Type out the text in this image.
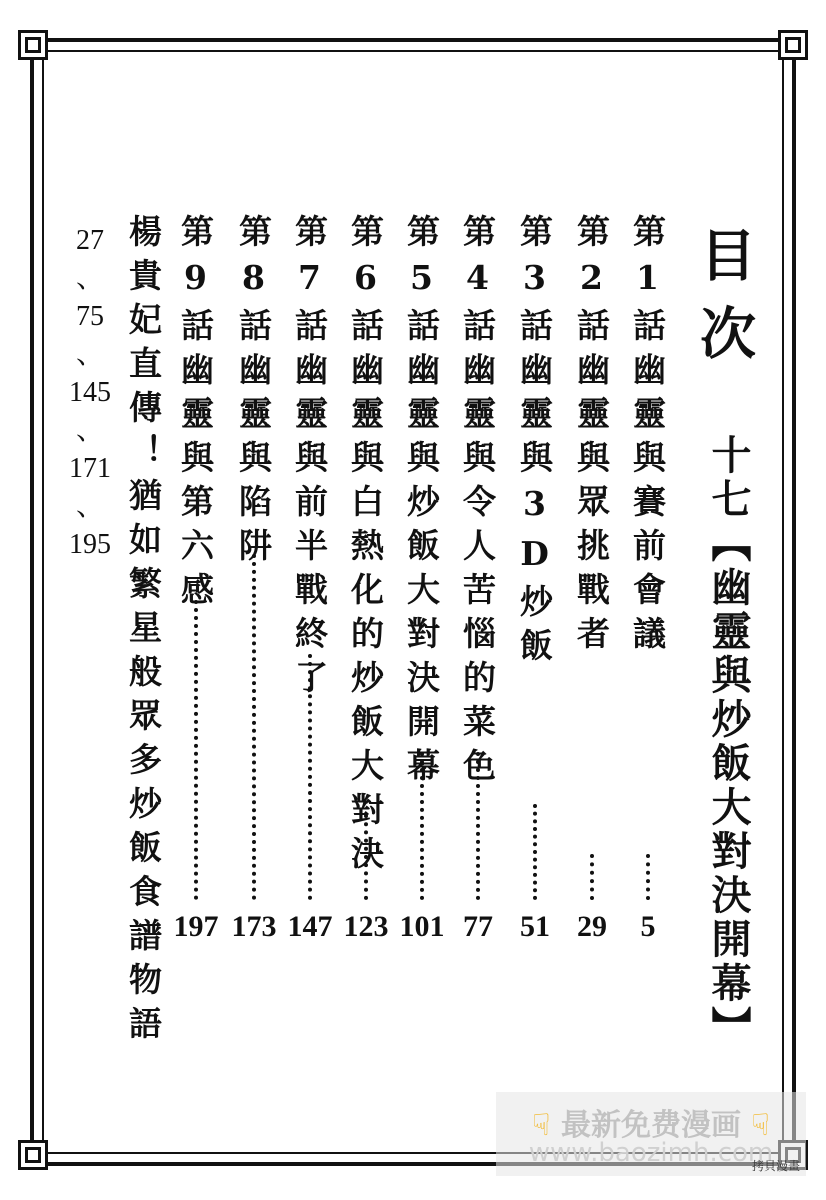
目次
十七【幽靈與炒飯大對決開幕】
第1話
幽靈與賽前會議
5
第2話
幽靈與眾挑戰者
29
第3話
幽靈與3D炒飯
51
第4話
幽靈與令人苦惱的菜色
77
第5話
幽靈與炒飯大對決開幕
101
第6話
幽靈與白熱化的炒飯大對決
123
第7話
幽靈與前半戰終了
147
第8話
幽靈與陷阱
173
第9話
幽靈與第六感
197
楊貴妃直傳！猶如繁星般眾多炒飯食譜物語
27
、
75
、
145
、
171
、
195
☟ 最新免费漫画 ☟
www.baozimh.com
拷貝漫畫
